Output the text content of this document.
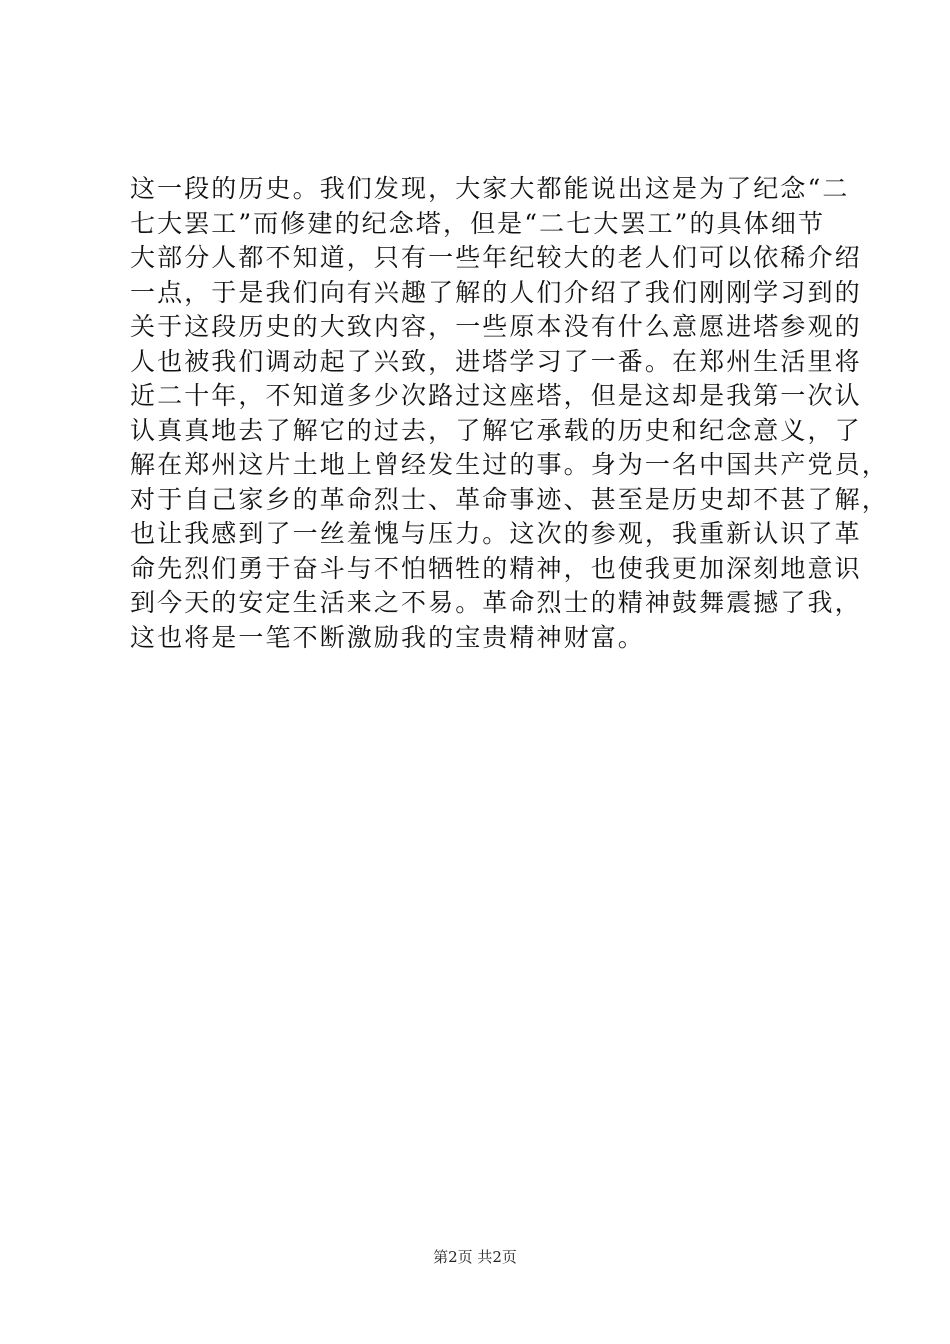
这一段的历史。我们发现，大家大都能说出这是为了纪念“二
七大罢工”而修建的纪念塔，但是“二七大罢工”的具体细节
大部分人都不知道，只有一些年纪较大的老人们可以依稀介绍
一点，于是我们向有兴趣了解的人们介绍了我们刚刚学习到的
关于这段历史的大致内容，一些原本没有什么意愿进塔参观的
人也被我们调动起了兴致，进塔学习了一番。在郑州生活里将
近二十年，不知道多少次路过这座塔，但是这却是我第一次认
认真真地去了解它的过去，了解它承载的历史和纪念意义，了
解在郑州这片土地上曾经发生过的事。身为一名中国共产党员，
对于自己家乡的革命烈士、革命事迹、甚至是历史却不甚了解，
也让我感到了一丝羞愧与压力。这次的参观，我重新认识了革
命先烈们勇于奋斗与不怕牺牲的精神，也使我更加深刻地意识
到今天的安定生活来之不易。革命烈士的精神鼓舞震撼了我，
这也将是一笔不断激励我的宝贵精神财富。
第2页 共2页
